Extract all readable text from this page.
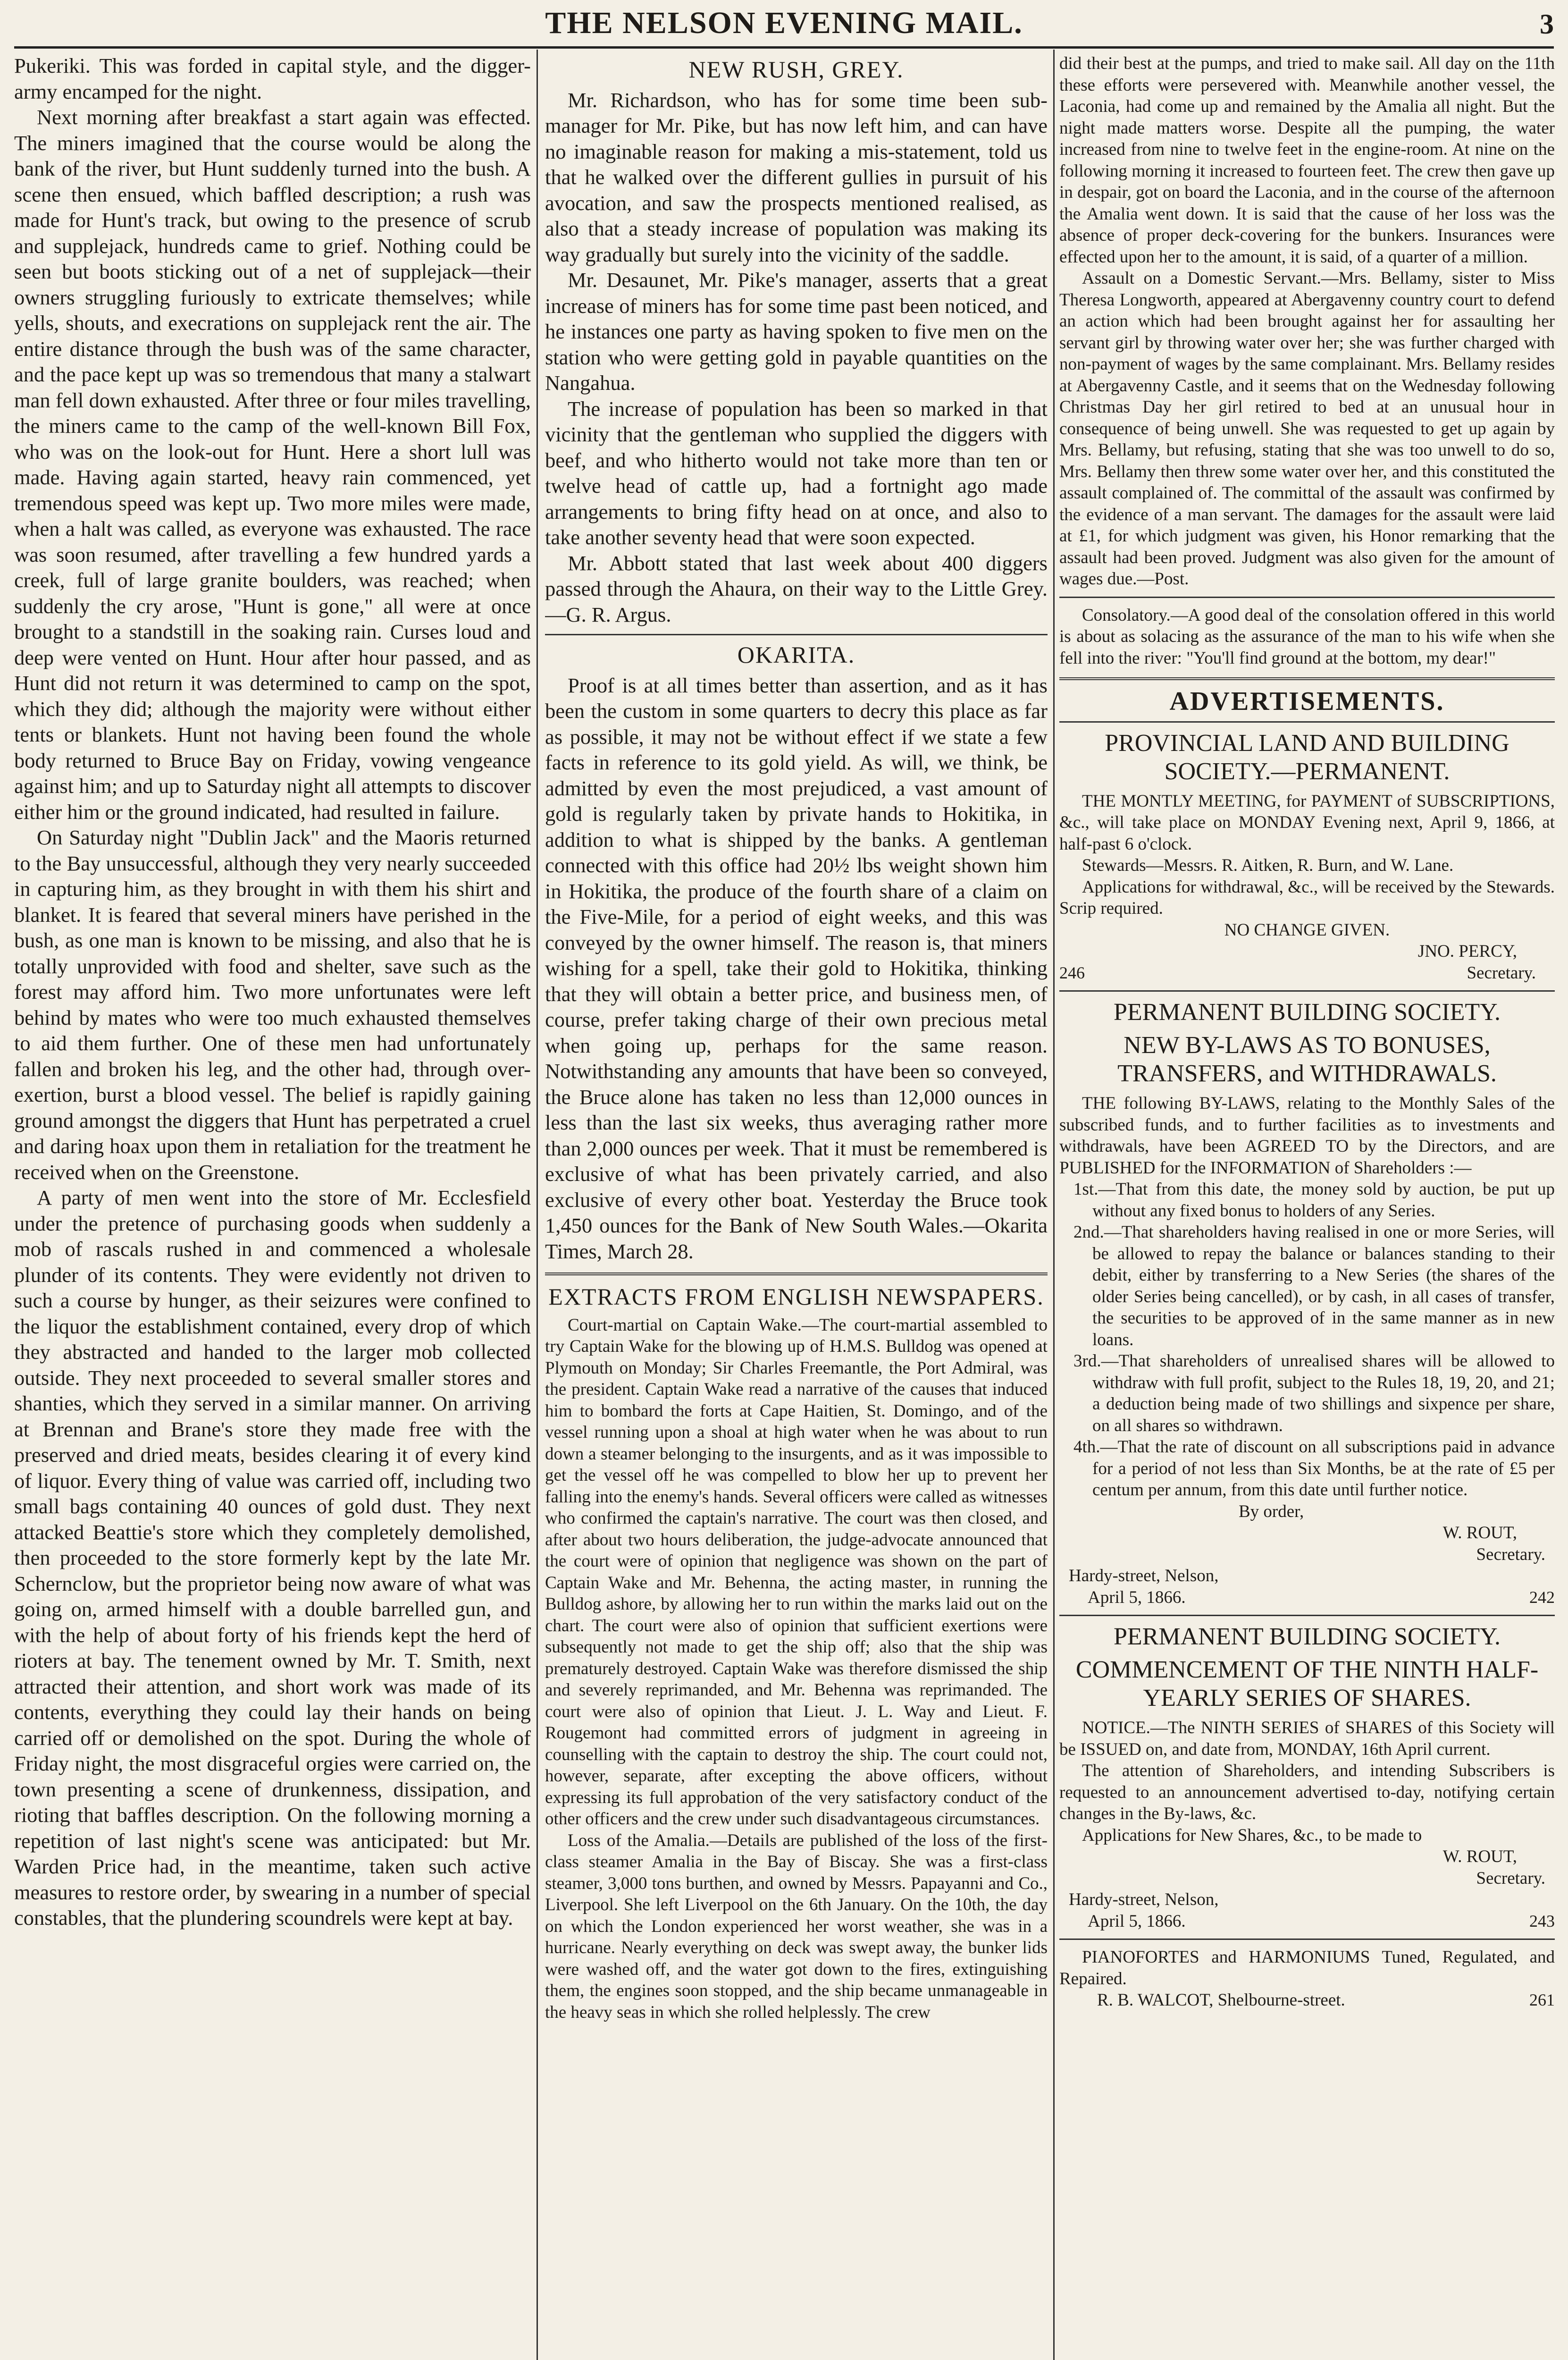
THE NELSON EVENING MAIL.	3

Pukeriki. This was forded in capital style, and the digger-army encamped for the night.

Next morning after breakfast a start again was effected. The miners imagined that the course would be along the bank of the river, but Hunt suddenly turned into the bush. A scene then ensued, which baffled description; a rush was made for Hunt's track, but owing to the presence of scrub and supplejack, hundreds came to grief. Nothing could be seen but boots sticking out of a net of supplejack—their owners struggling furiously to extricate themselves; while yells, shouts, and execrations on supplejack rent the air. The entire distance through the bush was of the same character, and the pace kept up was so tremendous that many a stalwart man fell down exhausted. After three or four miles travelling, the miners came to the camp of the well-known Bill Fox, who was on the look-out for Hunt. Here a short lull was made. Having again started, heavy rain commenced, yet tremendous speed was kept up. Two more miles were made, when a halt was called, as everyone was exhausted. The race was soon resumed, after travelling a few hundred yards a creek, full of large granite boulders, was reached; when suddenly the cry arose, "Hunt is gone," all were at once brought to a standstill in the soaking rain. Curses loud and deep were vented on Hunt. Hour after hour passed, and as Hunt did not return it was determined to camp on the spot, which they did; although the majority were without either tents or blankets. Hunt not having been found the whole body returned to Bruce Bay on Friday, vowing vengeance against him; and up to Saturday night all attempts to discover either him or the ground indicated, had resulted in failure.

On Saturday night "Dublin Jack" and the Maoris returned to the Bay unsuccessful, although they very nearly succeeded in capturing him, as they brought in with them his shirt and blanket. It is feared that several miners have perished in the bush, as one man is known to be missing, and also that he is totally unprovided with food and shelter, save such as the forest may afford him. Two more unfortunates were left behind by mates who were too much exhausted themselves to aid them further. One of these men had unfortunately fallen and broken his leg, and the other had, through over-exertion, burst a blood vessel. The belief is rapidly gaining ground amongst the diggers that Hunt has perpetrated a cruel and daring hoax upon them in retaliation for the treatment he received when on the Greenstone.

A party of men went into the store of Mr. Ecclesfield under the pretence of purchasing goods when suddenly a mob of rascals rushed in and commenced a wholesale plunder of its contents. They were evidently not driven to such a course by hunger, as their seizures were confined to the liquor the establishment contained, every drop of which they abstracted and handed to the larger mob collected outside. They next proceeded to several smaller stores and shanties, which they served in a similar manner. On arriving at Brennan and Brane's store they made free with the preserved and dried meats, besides clearing it of every kind of liquor. Every thing of value was carried off, including two small bags containing 40 ounces of gold dust. They next attacked Beattie's store which they completely demolished, then proceeded to the store formerly kept by the late Mr. Schernclow, but the proprietor being now aware of what was going on, armed himself with a double barrelled gun, and with the help of about forty of his friends kept the herd of rioters at bay. The tenement owned by Mr. T. Smith, next attracted their attention, and short work was made of its contents, everything they could lay their hands on being carried off or demolished on the spot. During the whole of Friday night, the most disgraceful orgies were carried on, the town presenting a scene of drunkenness, dissipation, and rioting that baffles description. On the following morning a repetition of last night's scene was anticipated: but Mr. Warden Price had, in the meantime, taken such active measures to restore order, by swearing in a number of special constables, that the plundering scoundrels were kept at bay.

NEW RUSH, GREY.

Mr. Richardson, who has for some time been sub-manager for Mr. Pike, but has now left him, and can have no imaginable reason for making a mis-statement, told us that he walked over the different gullies in pursuit of his avocation, and saw the prospects mentioned realised, as also that a steady increase of population was making its way gradually but surely into the vicinity of the saddle.

Mr. Desaunet, Mr. Pike's manager, asserts that a great increase of miners has for some time past been noticed, and he instances one party as having spoken to five men on the station who were getting gold in payable quantities on the Nangahua.

The increase of population has been so marked in that vicinity that the gentleman who supplied the diggers with beef, and who hitherto would not take more than ten or twelve head of cattle up, had a fortnight ago made arrangements to bring fifty head on at once, and also to take another seventy head that were soon expected.

Mr. Abbott stated that last week about 400 diggers passed through the Ahaura, on their way to the Little Grey.—G. R. Argus.

OKARITA.

Proof is at all times better than assertion, and as it has been the custom in some quarters to decry this place as far as possible, it may not be without effect if we state a few facts in reference to its gold yield. As will, we think, be admitted by even the most prejudiced, a vast amount of gold is regularly taken by private hands to Hokitika, in addition to what is shipped by the banks. A gentleman connected with this office had 20½ lbs weight shown him in Hokitika, the produce of the fourth share of a claim on the Five-Mile, for a period of eight weeks, and this was conveyed by the owner himself. The reason is, that miners wishing for a spell, take their gold to Hokitika, thinking that they will obtain a better price, and business men, of course, prefer taking charge of their own precious metal when going up, perhaps for the same reason. Notwithstanding any amounts that have been so conveyed, the Bruce alone has taken no less than 12,000 ounces in less than the last six weeks, thus averaging rather more than 2,000 ounces per week. That it must be remembered is exclusive of what has been privately carried, and also exclusive of every other boat. Yesterday the Bruce took 1,450 ounces for the Bank of New South Wales.—Okarita Times, March 28.

EXTRACTS FROM ENGLISH NEWSPAPERS.

Court-martial on Captain Wake.—The court-martial assembled to try Captain Wake for the blowing up of H.M.S. Bulldog was opened at Plymouth on Monday; Sir Charles Freemantle, the Port Admiral, was the president. Captain Wake read a narrative of the causes that induced him to bombard the forts at Cape Haitien, St. Domingo, and of the vessel running upon a shoal at high water when he was about to run down a steamer belonging to the insurgents, and as it was impossible to get the vessel off he was compelled to blow her up to prevent her falling into the enemy's hands. Several officers were called as witnesses who confirmed the captain's narrative. The court was then closed, and after about two hours deliberation, the judge-advocate announced that the court were of opinion that negligence was shown on the part of Captain Wake and Mr. Behenna, the acting master, in running the Bulldog ashore, by allowing her to run within the marks laid out on the chart. The court were also of opinion that sufficient exertions were subsequently not made to get the ship off; also that the ship was prematurely destroyed. Captain Wake was therefore dismissed the ship and severely reprimanded, and Mr. Behenna was reprimanded. The court were also of opinion that Lieut. J. L. Way and Lieut. F. Rougemont had committed errors of judgment in agreeing in counselling with the captain to destroy the ship. The court could not, however, separate, after excepting the above officers, without expressing its full approbation of the very satisfactory conduct of the other officers and the crew under such disadvantageous circumstances.

Loss of the Amalia.—Details are published of the loss of the first-class steamer Amalia in the Bay of Biscay. She was a first-class steamer, 3,000 tons burthen, and owned by Messrs. Papayanni and Co., Liverpool. She left Liverpool on the 6th January. On the 10th, the day on which the London experienced her worst weather, she was in a hurricane. Nearly everything on deck was swept away, the bunker lids were washed off, and the water got down to the fires, extinguishing them, the engines soon stopped, and the ship became unmanageable in the heavy seas in which she rolled helplessly. The crew

did their best at the pumps, and tried to make sail. All day on the 11th these efforts were persevered with. Meanwhile another vessel, the Laconia, had come up and remained by the Amalia all night. But the night made matters worse. Despite all the pumping, the water increased from nine to twelve feet in the engine-room. At nine on the following morning it increased to fourteen feet. The crew then gave up in despair, got on board the Laconia, and in the course of the afternoon the Amalia went down. It is said that the cause of her loss was the absence of proper deck-covering for the bunkers. Insurances were effected upon her to the amount, it is said, of a quarter of a million.

Assault on a Domestic Servant.—Mrs. Bellamy, sister to Miss Theresa Longworth, appeared at Abergavenny country court to defend an action which had been brought against her for assaulting her servant girl by throwing water over her; she was further charged with non-payment of wages by the same complainant. Mrs. Bellamy resides at Abergavenny Castle, and it seems that on the Wednesday following Christmas Day her girl retired to bed at an unusual hour in consequence of being unwell. She was requested to get up again by Mrs. Bellamy, but refusing, stating that she was too unwell to do so, Mrs. Bellamy then threw some water over her, and this constituted the assault complained of. The committal of the assault was confirmed by the evidence of a man servant. The damages for the assault were laid at £1, for which judgment was given, his Honor remarking that the assault had been proved. Judgment was also given for the amount of wages due.—Post.

Consolatory.—A good deal of the consolation offered in this world is about as solacing as the assurance of the man to his wife when she fell into the river: "You'll find ground at the bottom, my dear!"

ADVERTISEMENTS.
PROVINCIAL LAND AND BUILDING SOCIETY.—PERMANENT.

THE MONTLY MEETING, for PAYMENT of SUBSCRIPTIONS, &c., will take place on MONDAY Evening next, April 9, 1866, at half-past 6 o'clock.

Stewards—Messrs. R. Aitken, R. Burn, and W. Lane.

Applications for withdrawal, &c., will be received by the Stewards. Scrip required.

NO CHANGE GIVEN.
JNO. PERCY,
246	Secretary.
PERMANENT BUILDING SOCIETY.
NEW BY-LAWS AS TO BONUSES, TRANSFERS, and WITHDRAWALS.

THE following BY-LAWS, relating to the Monthly Sales of the subscribed funds, and to further facilities as to investments and withdrawals, have been AGREED TO by the Directors, and are PUBLISHED for the INFORMATION of Shareholders :—

1st.—That from this date, the money sold by auction, be put up without any fixed bonus to holders of any Series.

2nd.—That shareholders having realised in one or more Series, will be allowed to repay the balance or balances standing to their debit, either by transferring to a New Series (the shares of the older Series being cancelled), or by cash, in all cases of transfer, the securities to be approved of in the same manner as in new loans.

3rd.—That shareholders of unrealised shares will be allowed to withdraw with full profit, subject to the Rules 18, 19, 20, and 21; a deduction being made of two shillings and sixpence per share, on all shares so withdrawn.

4th.—That the rate of discount on all subscriptions paid in advance for a period of not less than Six Months, be at the rate of £5 per centum per annum, from this date until further notice.

By order,
W. ROUT,
Secretary.
Hardy-street, Nelson,
April 5, 1866.	242
PERMANENT BUILDING SOCIETY.
COMMENCEMENT OF THE NINTH HALF-YEARLY SERIES OF SHARES.

NOTICE.—The NINTH SERIES of SHARES of this Society will be ISSUED on, and date from, MONDAY, 16th April current.

The attention of Shareholders, and intending Subscribers is requested to an announcement advertised to-day, notifying certain changes in the By-laws, &c.

Applications for New Shares, &c., to be made to

W. ROUT,
Secretary.
Hardy-street, Nelson,
April 5, 1866.	243

PIANOFORTES and HARMONIUMS Tuned, Regulated, and Repaired.

R. B. WALCOT, Shelbourne-street.	261
